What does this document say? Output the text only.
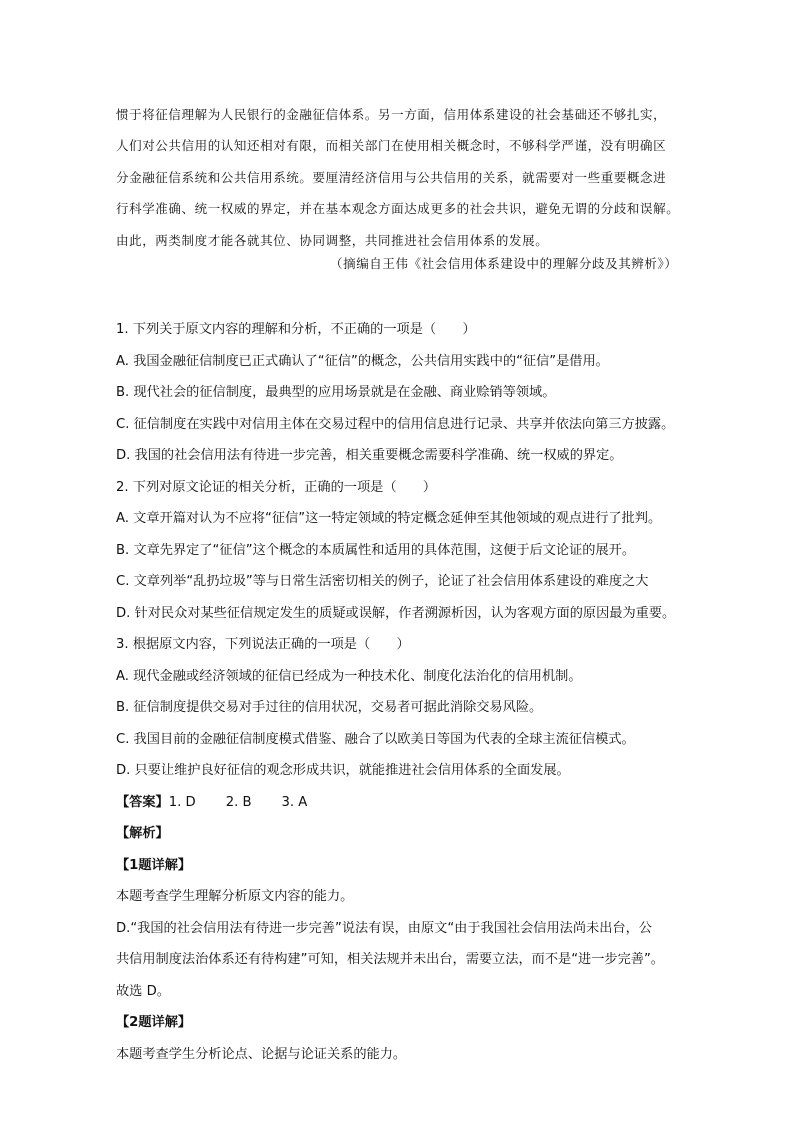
惯于将征信理解为人民银行的金融征信体系。另一方面，信用体系建设的社会基础还不够扎实，

人们对公共信用的认知还相对有限，而相关部门在使用相关概念时，不够科学严谨，没有明确区

分金融征信系统和公共信用系统。要厘清经济信用与公共信用的关系，就需要对一些重要概念进

行科学准确、统一权威的界定，并在基本观念方面达成更多的社会共识，避免无谓的分歧和误解。

由此，两类制度才能各就其位、协同调整，共同推进社会信用体系的发展。

（摘编自王伟《社会信用体系建设中的理解分歧及其辨析》）
1. 下列关于原文内容的理解和分析，不正确的一项是（　　）
A. 我国金融征信制度已正式确认了“征信”的概念，公共信用实践中的“征信”是借用。
B. 现代社会的征信制度，最典型的应用场景就是在金融、商业赊销等领域。
C. 征信制度在实践中对信用主体在交易过程中的信用信息进行记录、共享并依法向第三方披露。
D. 我国的社会信用法有待进一步完善，相关重要概念需要科学准确、统一权威的界定。
2. 下列对原文论证的相关分析，正确的一项是（　　）
A. 文章开篇对认为不应将“征信”这一特定领域的特定概念延伸至其他领域的观点进行了批判。
B. 文章先界定了“征信”这个概念的本质属性和适用的具体范围，这便于后文论证的展开。
C. 文章列举“乱扔垃圾”等与日常生活密切相关的例子，论证了社会信用体系建设的难度之大
D. 针对民众对某些征信规定发生的质疑或误解，作者溯源析因，认为客观方面的原因最为重要。
3. 根据原文内容，下列说法正确的一项是（　　）
A. 现代金融或经济领域的征信已经成为一种技术化、制度化法治化的信用机制。
B. 征信制度提供交易对手过往的信用状况，交易者可据此消除交易风险。
C. 我国目前的金融征信制度模式借鉴、融合了以欧美日等国为代表的全球主流征信模式。
D. 只要让维护良好征信的观念形成共识，就能推进社会信用体系的全面发展。
【答案】1. D 2. B 3. A
【解析】
【1题详解】
本题考查学生理解分析原文内容的能力。
D.“我国的社会信用法有待进一步完善”说法有误，由原文“由于我国社会信用法尚未出台，公
共信用制度法治体系还有待构建”可知，相关法规并未出台，需要立法，而不是“进一步完善”。
故选 D。
【2题详解】
本题考查学生分析论点、论据与论证关系的能力。
